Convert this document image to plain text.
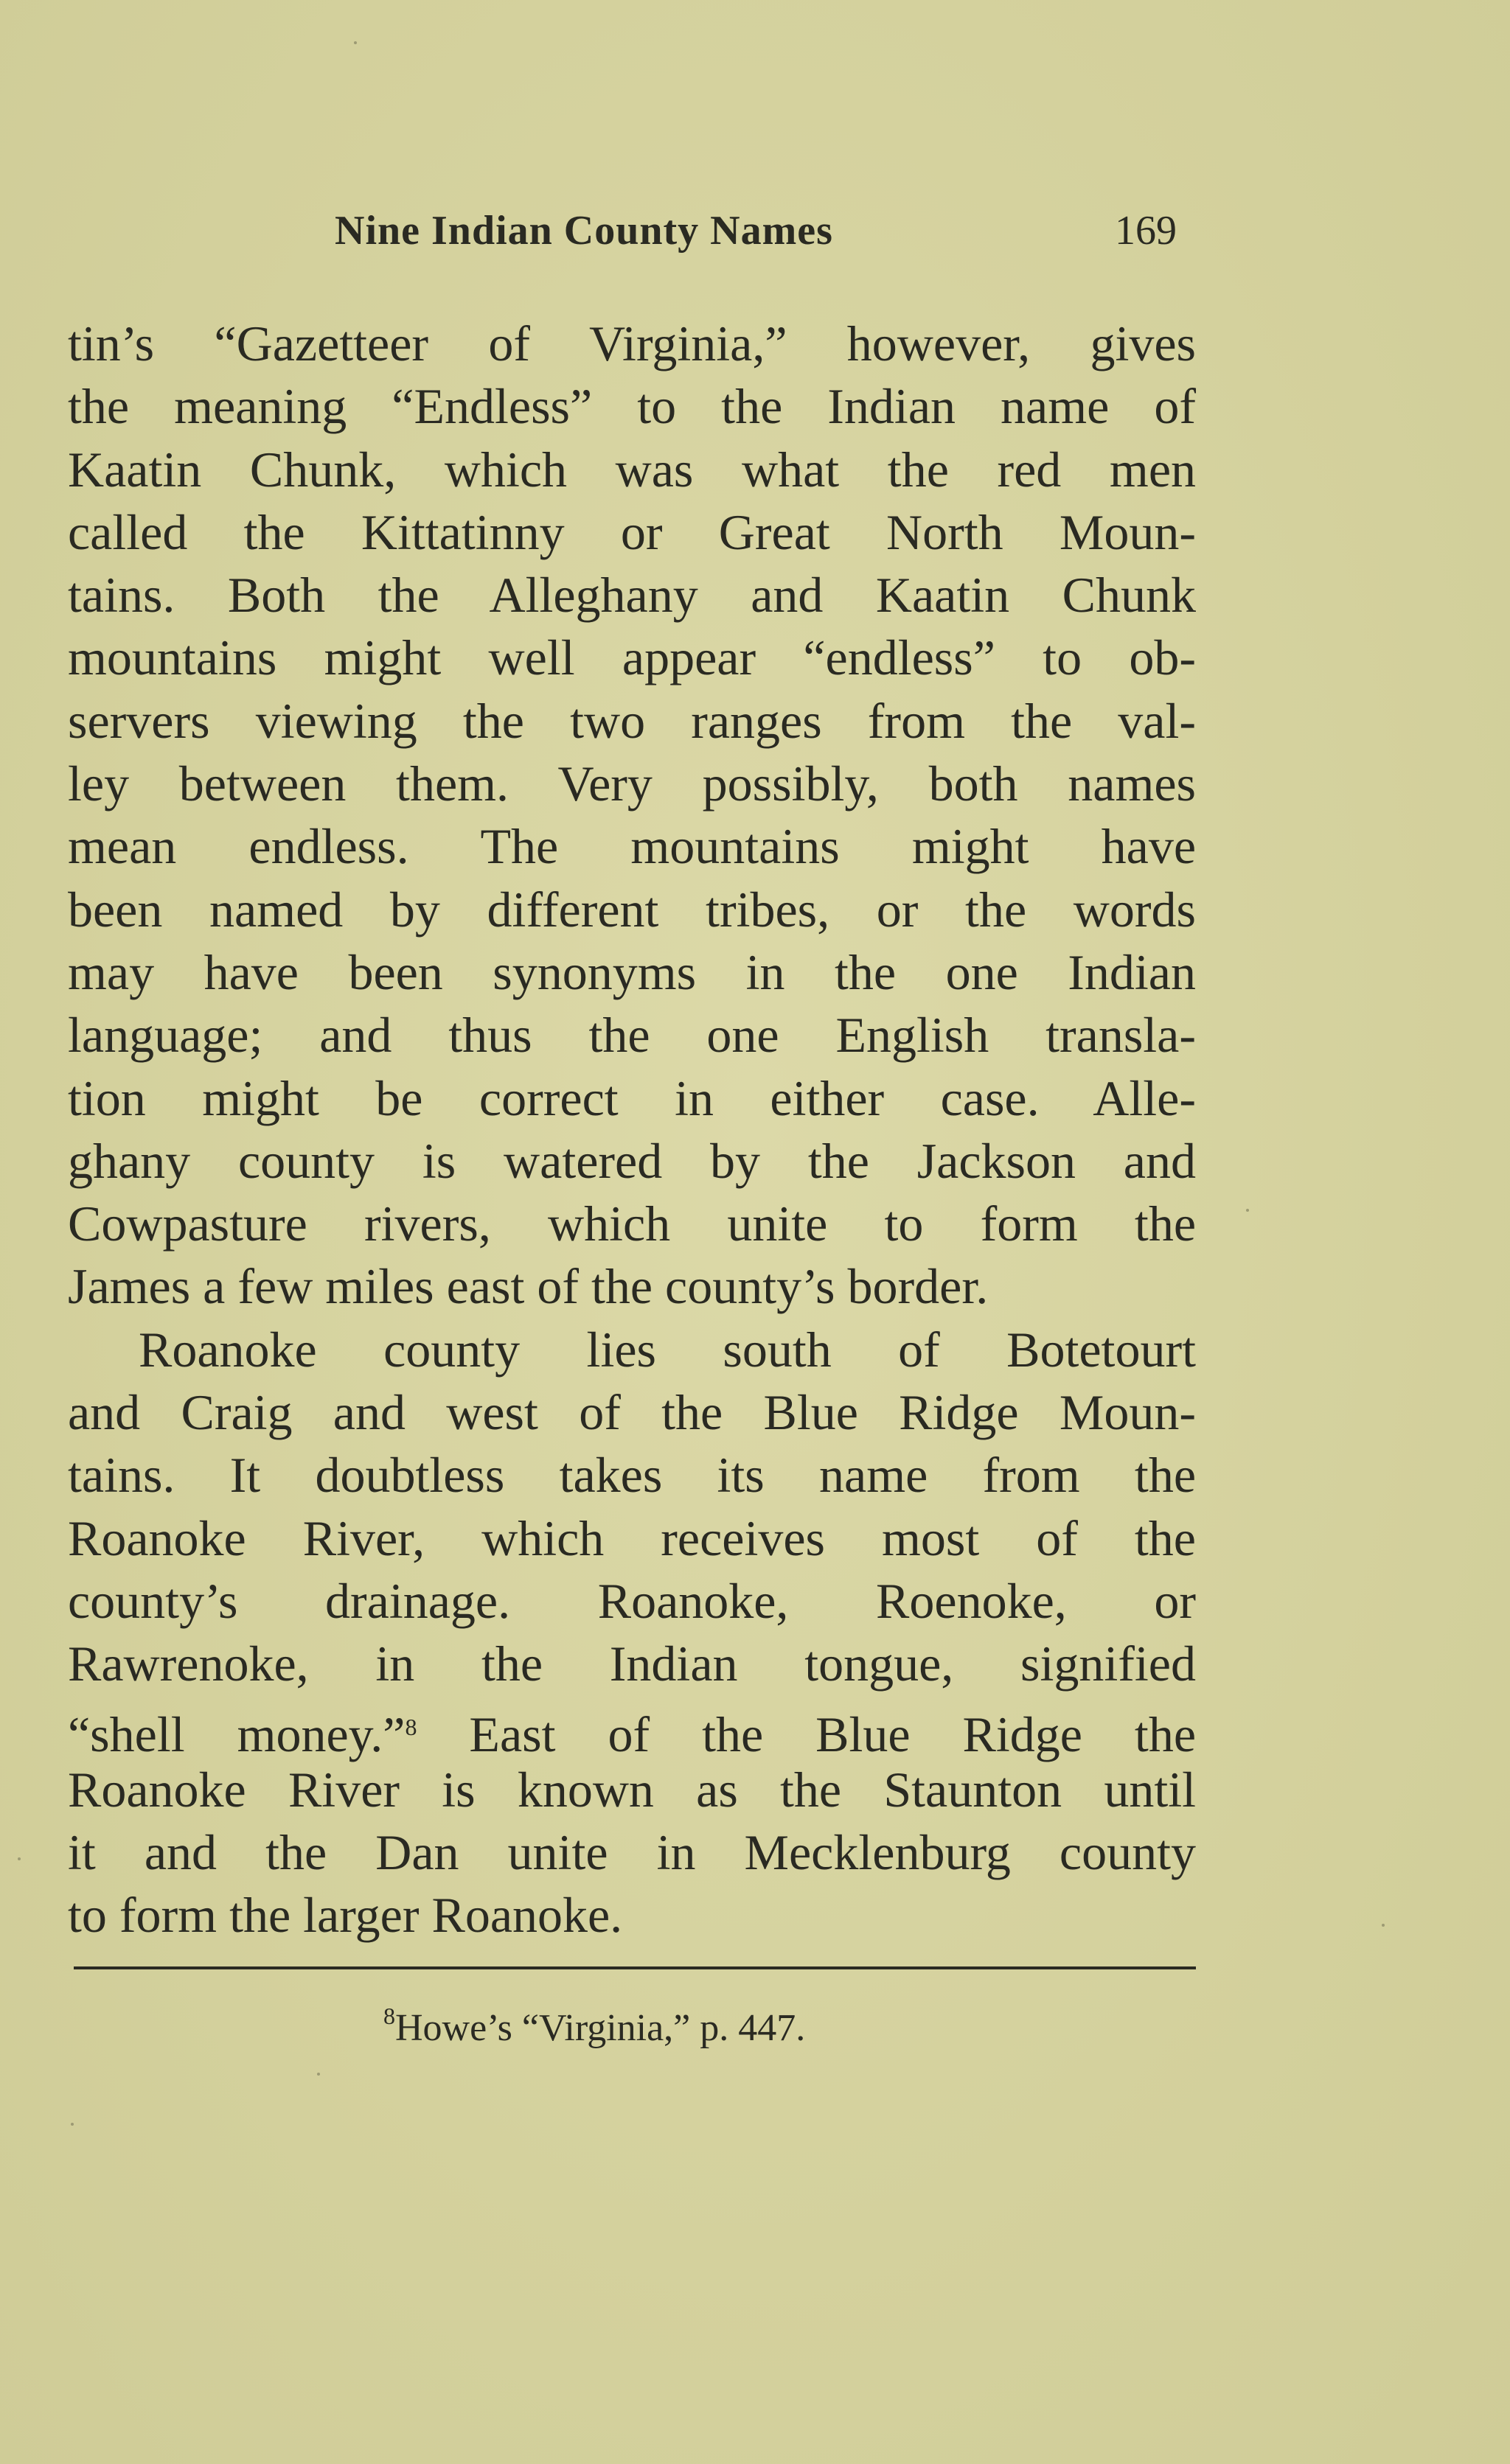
Nine Indian County Names	169
tin’s “Gazetteer of Virginia,” however, gives
the meaning “Endless” to the Indian name of
Kaatin Chunk, which was what the red men
called the Kittatinny or Great North Moun-
tains. Both the Alleghany and Kaatin Chunk
mountains might well appear “endless” to ob-
servers viewing the two ranges from the val-
ley between them. Very possibly, both names
mean endless. The mountains might have
been named by different tribes, or the words
may have been synonyms in the one Indian
language; and thus the one English transla-
tion might be correct in either case. Alle-
ghany county is watered by the Jackson and
Cowpasture rivers, which unite to form the
James a few miles east of the county’s border.
Roanoke county lies south of Botetourt
and Craig and west of the Blue Ridge Moun-
tains. It doubtless takes its name from the
Roanoke River, which receives most of the
county’s drainage. Roanoke, Roenoke, or
Rawrenoke, in the Indian tongue, signified
“shell money.”$^8$ East of the Blue Ridge the
Roanoke River is known as the Staunton until
it and the Dan unite in Mecklenburg county
to form the larger Roanoke.
$^8$Howe’s “Virginia,” p. 447.
